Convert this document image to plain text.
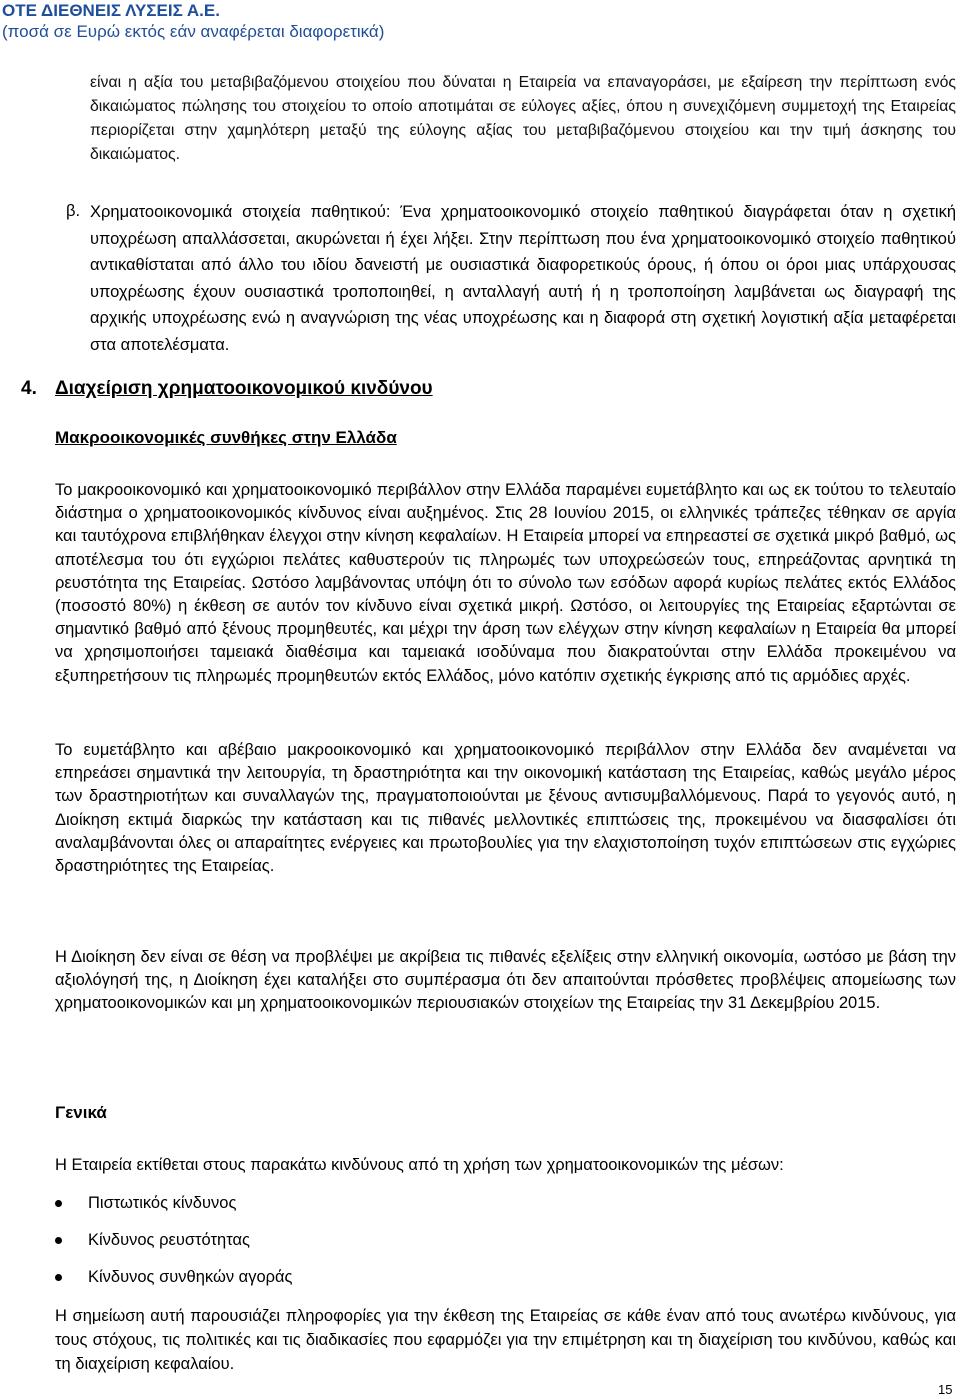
ΟΤΕ ΔΙΕΘΝΕΙΣ ΛΥΣΕΙΣ Α.Ε.
(ποσά σε Ευρώ εκτός εάν αναφέρεται διαφορετικά)
είναι η αξία του μεταβιβαζόμενου στοιχείου που δύναται η Εταιρεία να επαναγοράσει, με εξαίρεση την περίπτωση ενός δικαιώματος πώλησης του στοιχείου το οποίο αποτιμάται σε εύλογες αξίες, όπου η συνεχιζόμενη συμμετοχή της Εταιρείας περιορίζεται στην χαμηλότερη μεταξύ της εύλογης αξίας του μεταβιβαζόμενου στοιχείου και την τιμή άσκησης του δικαιώματος.
β. Χρηματοοικονομικά στοιχεία παθητικού: Ένα χρηματοοικονομικό στοιχείο παθητικού διαγράφεται όταν η σχετική υποχρέωση απαλλάσσεται, ακυρώνεται ή έχει λήξει. Στην περίπτωση που ένα χρηματοοικονομικό στοιχείο παθητικού αντικαθίσταται από άλλο του ιδίου δανειστή με ουσιαστικά διαφορετικούς όρους, ή όπου οι όροι μιας υπάρχουσας υποχρέωσης έχουν ουσιαστικά τροποποιηθεί, η ανταλλαγή αυτή ή η τροποποίηση λαμβάνεται ως διαγραφή της αρχικής υποχρέωσης ενώ η αναγνώριση της νέας υποχρέωσης και η διαφορά στη σχετική λογιστική αξία μεταφέρεται στα αποτελέσματα.
4. Διαχείριση χρηματοοικονομικού κινδύνου
Μακροοικονομικές συνθήκες στην Ελλάδα
Το μακροοικονομικό και χρηματοοικονομικό περιβάλλον στην Ελλάδα παραμένει ευμετάβλητο και ως εκ τούτου το τελευταίο διάστημα ο χρηματοοικονομικός κίνδυνος είναι αυξημένος. Στις 28 Ιουνίου 2015, οι ελληνικές τράπεζες τέθηκαν σε αργία και ταυτόχρονα επιβλήθηκαν έλεγχοι στην κίνηση κεφαλαίων. Η Εταιρεία μπορεί να επηρεαστεί σε σχετικά μικρό βαθμό, ως αποτέλεσμα του ότι εγχώριοι πελάτες καθυστερούν τις πληρωμές των υποχρεώσεών τους, επηρεάζοντας αρνητικά τη ρευστότητα της Εταιρείας. Ωστόσο λαμβάνοντας υπόψη ότι το σύνολο των εσόδων αφορά κυρίως πελάτες εκτός Ελλάδος (ποσοστό 80%) η έκθεση σε αυτόν τον κίνδυνο είναι σχετικά μικρή. Ωστόσο, οι λειτουργίες της Εταιρείας εξαρτώνται σε σημαντικό βαθμό από ξένους προμηθευτές, και μέχρι την άρση των ελέγχων στην κίνηση κεφαλαίων η Εταιρεία θα μπορεί να χρησιμοποιήσει ταμειακά διαθέσιμα και ταμειακά ισοδύναμα που διακρατούνται στην Ελλάδα προκειμένου να εξυπηρετήσουν τις πληρωμές προμηθευτών εκτός Ελλάδος, μόνο κατόπιν σχετικής έγκρισης από τις αρμόδιες αρχές.
Το ευμετάβλητο και αβέβαιο μακροοικονομικό και χρηματοοικονομικό περιβάλλον στην Ελλάδα δεν αναμένεται να επηρεάσει σημαντικά την λειτουργία, τη δραστηριότητα και την οικονομική κατάσταση της Εταιρείας, καθώς μεγάλο μέρος των δραστηριοτήτων και συναλλαγών της, πραγματοποιούνται με ξένους αντισυμβαλλόμενους. Παρά το γεγονός αυτό, η Διοίκηση εκτιμά διαρκώς την κατάσταση και τις πιθανές μελλοντικές επιπτώσεις της, προκειμένου να διασφαλίσει ότι αναλαμβάνονται όλες οι απαραίτητες ενέργειες και πρωτοβουλίες για την ελαχιστοποίηση τυχόν επιπτώσεων στις εγχώριες δραστηριότητες της Εταιρείας.
Η Διοίκηση δεν είναι σε θέση να προβλέψει με ακρίβεια τις πιθανές εξελίξεις στην ελληνική οικονομία, ωστόσο με βάση την αξιολόγησή της, η Διοίκηση έχει καταλήξει στο συμπέρασμα ότι δεν απαιτούνται πρόσθετες προβλέψεις απομείωσης των χρηματοοικονομικών και μη χρηματοοικονομικών περιουσιακών στοιχείων της Εταιρείας την 31 Δεκεμβρίου 2015.
Γενικά
Η Εταιρεία εκτίθεται στους παρακάτω κινδύνους από τη χρήση των χρηματοοικονομικών της μέσων:
Πιστωτικός κίνδυνος
Κίνδυνος ρευστότητας
Κίνδυνος συνθηκών αγοράς
Η σημείωση αυτή παρουσιάζει πληροφορίες για την έκθεση της Εταιρείας σε κάθε έναν από τους ανωτέρω κινδύνους, για τους στόχους, τις πολιτικές και τις διαδικασίες που εφαρμόζει για την επιμέτρηση και τη διαχείριση του κινδύνου, καθώς και τη διαχείριση κεφαλαίου.
15
